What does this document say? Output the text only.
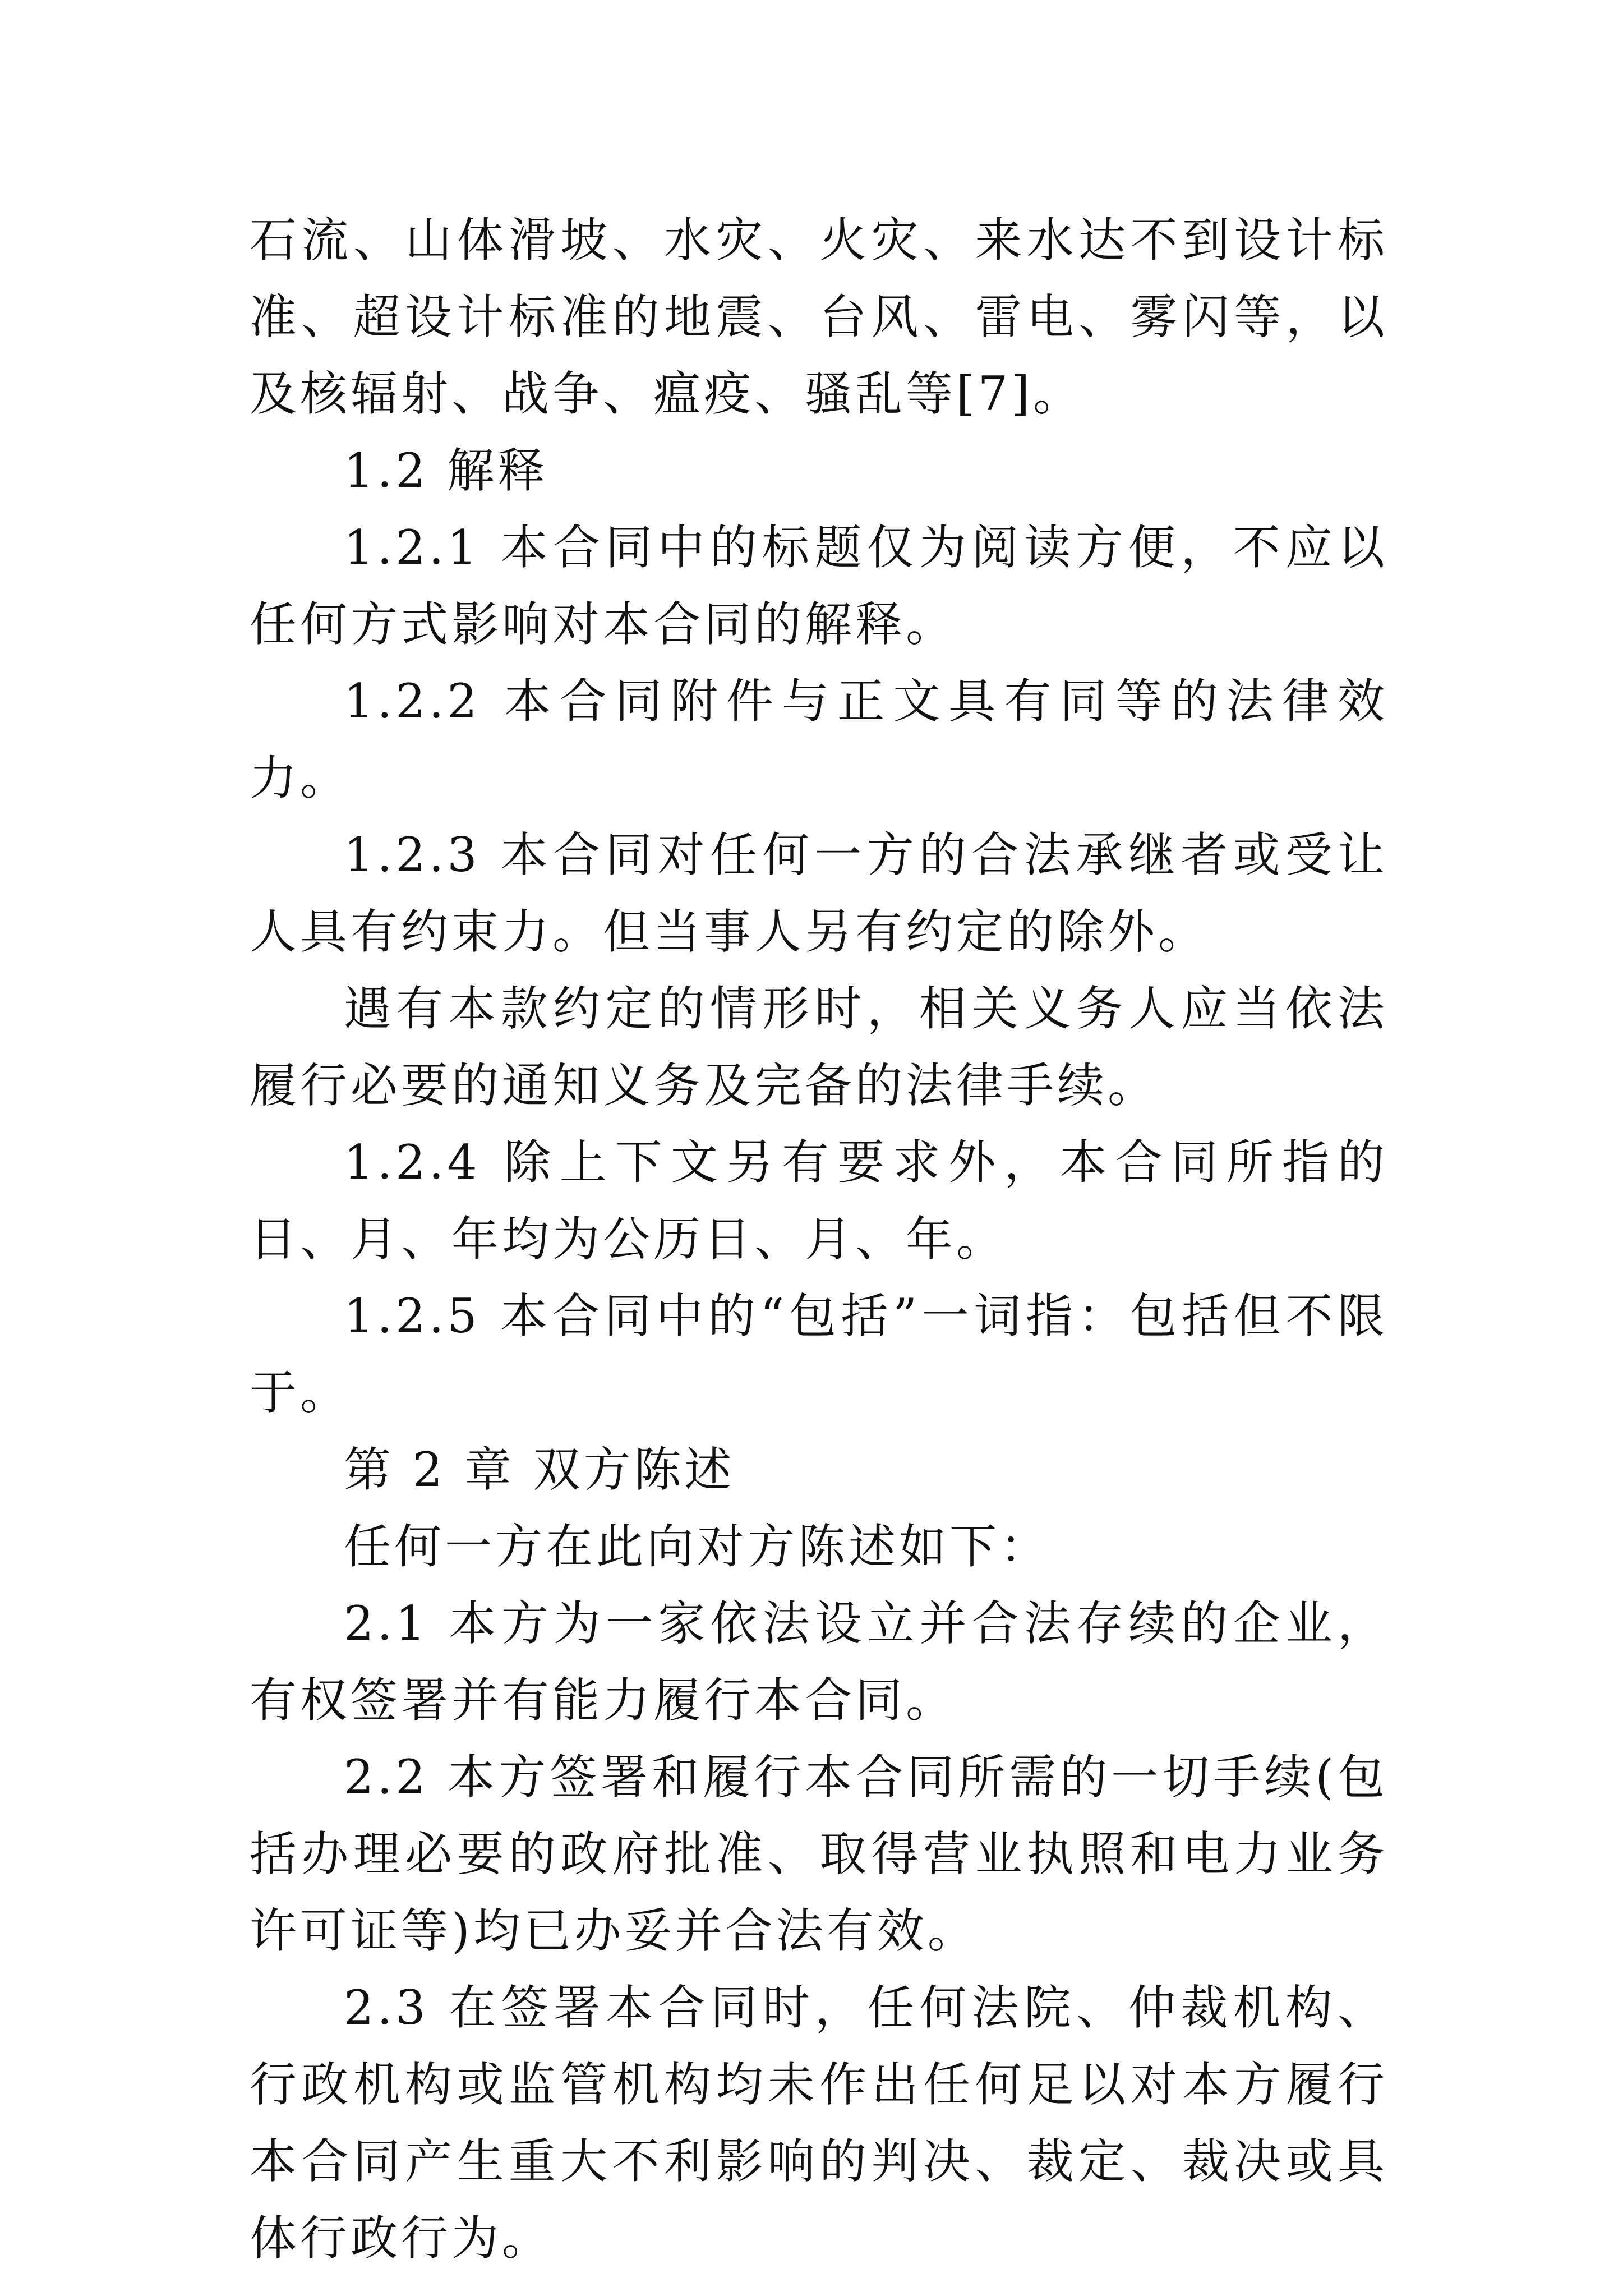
石流、山体滑坡、水灾、火灾、来水达不到设计标准、超设计标准的地震、台风、雷电、雾闪等，以及核辐射、战争、瘟疫、骚乱等[7]。

1.2 解释

1.2.1 本合同中的标题仅为阅读方便，不应以任何方式影响对本合同的解释。

1.2.2 本合同附件与正文具有同等的法律效力。

1.2.3 本合同对任何一方的合法承继者或受让人具有约束力。但当事人另有约定的除外。

遇有本款约定的情形时，相关义务人应当依法履行必要的通知义务及完备的法律手续。

1.2.4 除上下文另有要求外，本合同所指的日、月、年均为公历日、月、年。

1.2.5 本合同中的“包括”一词指：包括但不限于。

第 2 章 双方陈述

任何一方在此向对方陈述如下：

2.1 本方为一家依法设立并合法存续的企业，有权签署并有能力履行本合同。

2.2 本方签署和履行本合同所需的一切手续(包括办理必要的政府批准、取得营业执照和电力业务许可证等)均已办妥并合法有效。

2.3 在签署本合同时，任何法院、仲裁机构、行政机构或监管机构均未作出任何足以对本方履行本合同产生重大不利影响的判决、裁定、裁决或具体行政行为。
